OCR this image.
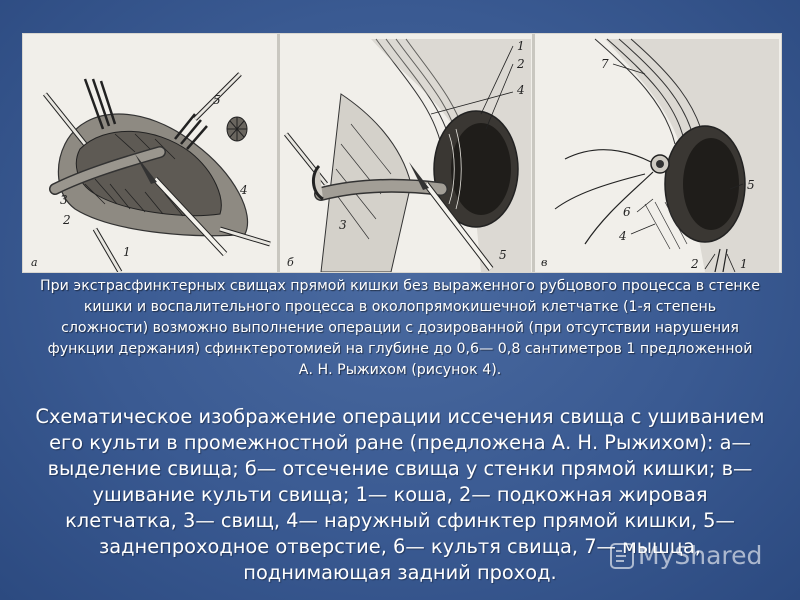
5
4
3
2
1
а
1
2
4
3
5
б
7
5
6
4
2	1
в

При экстрасфинктерных свищах прямой кишки без выраженного рубцового процесса в стенке кишки и воспалительного процесса в околопрямокишечной клетчатке (1-я степень сложности) возможно выполнение операции с дозированной (при отсутствии нарушения функции держания) сфинктеротомией на глубине до 0,6— 0,8 сантиметров 1 предложенной А. Н. Рыжихом (рисунок 4).

Схематическое изображение операции иссечения свища с ушиванием его культи в промежностной ране (предложена А. Н. Рыжихом): а— выделение свища; б— отсечение свища у стенки прямой кишки; в— ушивание культи свища; 1— коша, 2— подкожная жировая клетчатка, 3— свищ, 4— наружный сфинктер прямой кишки, 5— заднепроходное отверстие, 6— культя свища, 7— мышца, поднимающая задний проход.

MyShared
